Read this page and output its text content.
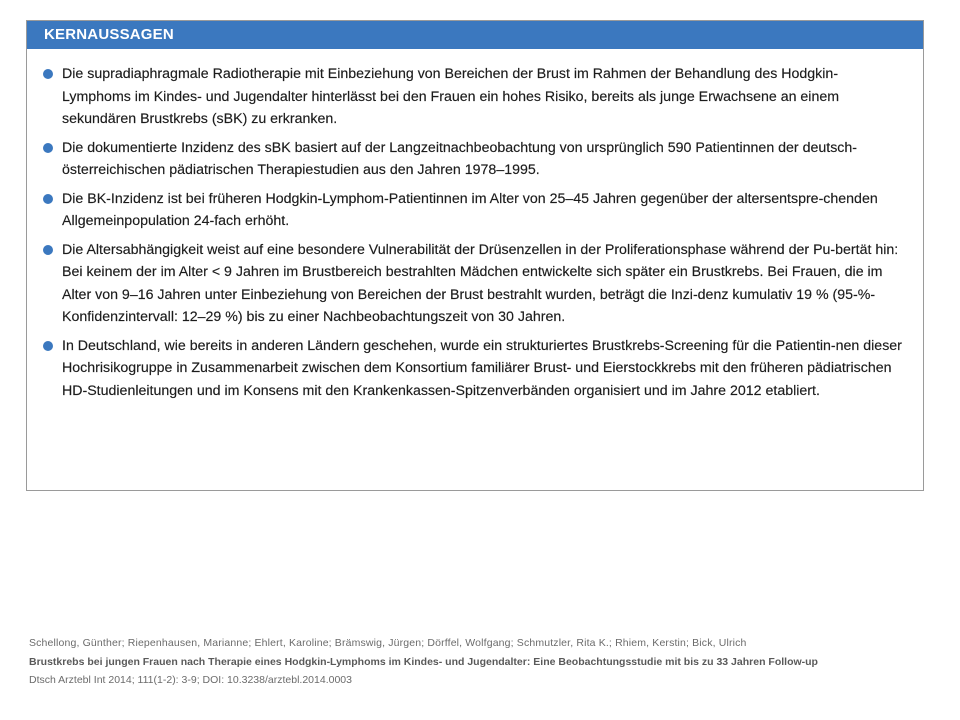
KERNAUSSAGEN
Die supradiaphragmale Radiotherapie mit Einbeziehung von Bereichen der Brust im Rahmen der Behandlung des Hodgkin-Lymphoms im Kindes- und Jugendalter hinterlässt bei den Frauen ein hohes Risiko, bereits als junge Erwachsene an einem sekundären Brustkrebs (sBK) zu erkranken.
Die dokumentierte Inzidenz des sBK basiert auf der Langzeitnachbeobachtung von ursprünglich 590 Patientinnen der deutsch-österreichischen pädiatrischen Therapiestudien aus den Jahren 1978–1995.
Die BK-Inzidenz ist bei früheren Hodgkin-Lymphom-Patientinnen im Alter von 25–45 Jahren gegenüber der altersentspre-chenden Allgemeinpopulation 24-fach erhöht.
Die Altersabhängigkeit weist auf eine besondere Vulnerabilität der Drüsenzellen in der Proliferationsphase während der Pu-bertät hin: Bei keinem der im Alter < 9 Jahren im Brustbereich bestrahlten Mädchen entwickelte sich später ein Brustkrebs. Bei Frauen, die im Alter von 9–16 Jahren unter Einbeziehung von Bereichen der Brust bestrahlt wurden, beträgt die Inzi-denz kumulativ 19 % (95-%-Konfidenzintervall: 12–29 %) bis zu einer Nachbeobachtungszeit von 30 Jahren.
In Deutschland, wie bereits in anderen Ländern geschehen, wurde ein strukturiertes Brustkrebs-Screening für die Patientin-nen dieser Hochrisikogruppe in Zusammenarbeit zwischen dem Konsortium familiärer Brust- und Eierstockkrebs mit den früheren pädiatrischen HD-Studienleitungen und im Konsens mit den Krankenkassen-Spitzenverbänden organisiert und im Jahre 2012 etabliert.
Schellong, Günther; Riepenhausen, Marianne; Ehlert, Karoline; Brämswig, Jürgen; Dörffel, Wolfgang; Schmutzler, Rita K.; Rhiem, Kerstin; Bick, Ulrich
Brustkrebs bei jungen Frauen nach Therapie eines Hodgkin-Lymphoms im Kindes- und Jugendalter: Eine Beobachtungsstudie mit bis zu 33 Jahren Follow-up
Dtsch Arztebl Int 2014; 111(1-2): 3-9; DOI: 10.3238/arztebl.2014.0003
